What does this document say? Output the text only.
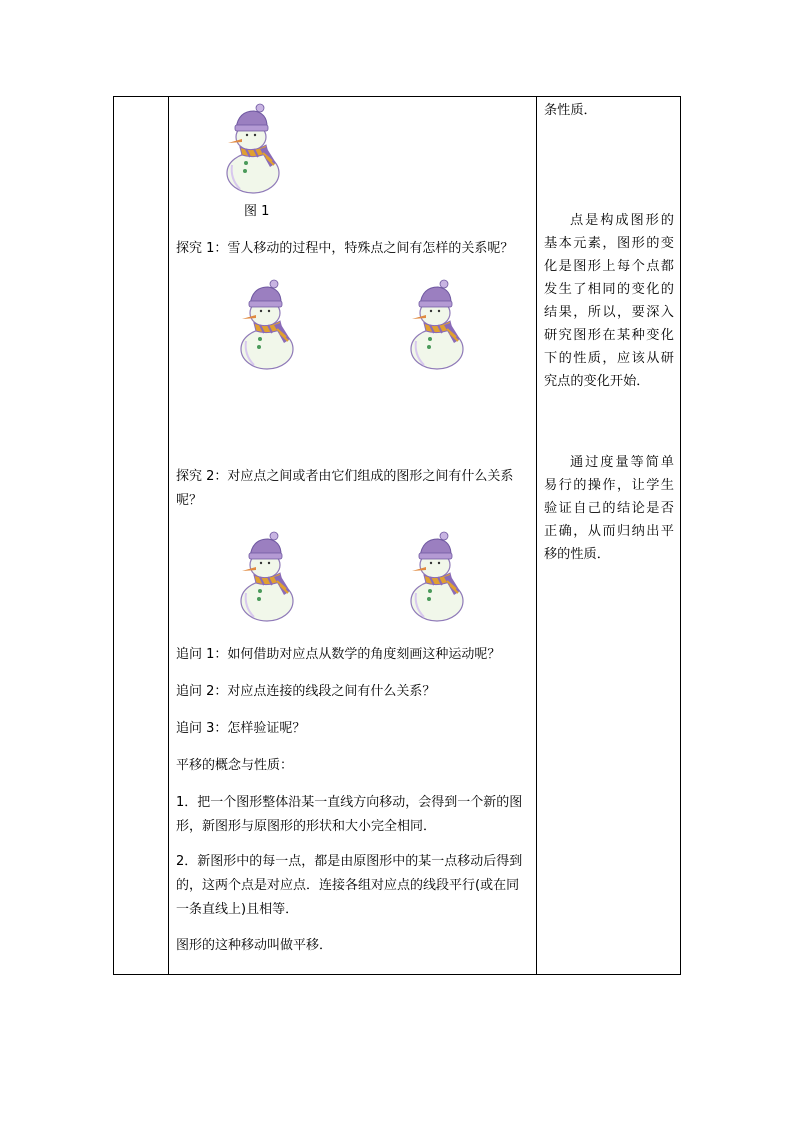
图 1
探究 1：雪人移动的过程中，特殊点之间有怎样的关系呢？
探究 2：对应点之间或者由它们组成的图形之间有什么关系呢？
追问 1：如何借助对应点从数学的角度刻画这种运动呢？
追问 2：对应点连接的线段之间有什么关系？
追问 3：怎样验证呢？
平移的概念与性质：
1．把一个图形整体沿某一直线方向移动，会得到一个新的图形，新图形与原图形的形状和大小完全相同．
2．新图形中的每一点，都是由原图形中的某一点移动后得到的，这两个点是对应点．连接各组对应点的线段平行(或在同一条直线上)且相等．
图形的这种移动叫做平移．
条性质．
点是构成图形的基本元素，图形的变化是图形上每个点都发生了相同的变化的结果，所以，要深入研究图形在某种变化下的性质，应该从研究点的变化开始．
通过度量等简单易行的操作，让学生验证自己的结论是否正确，从而归纳出平移的性质．
